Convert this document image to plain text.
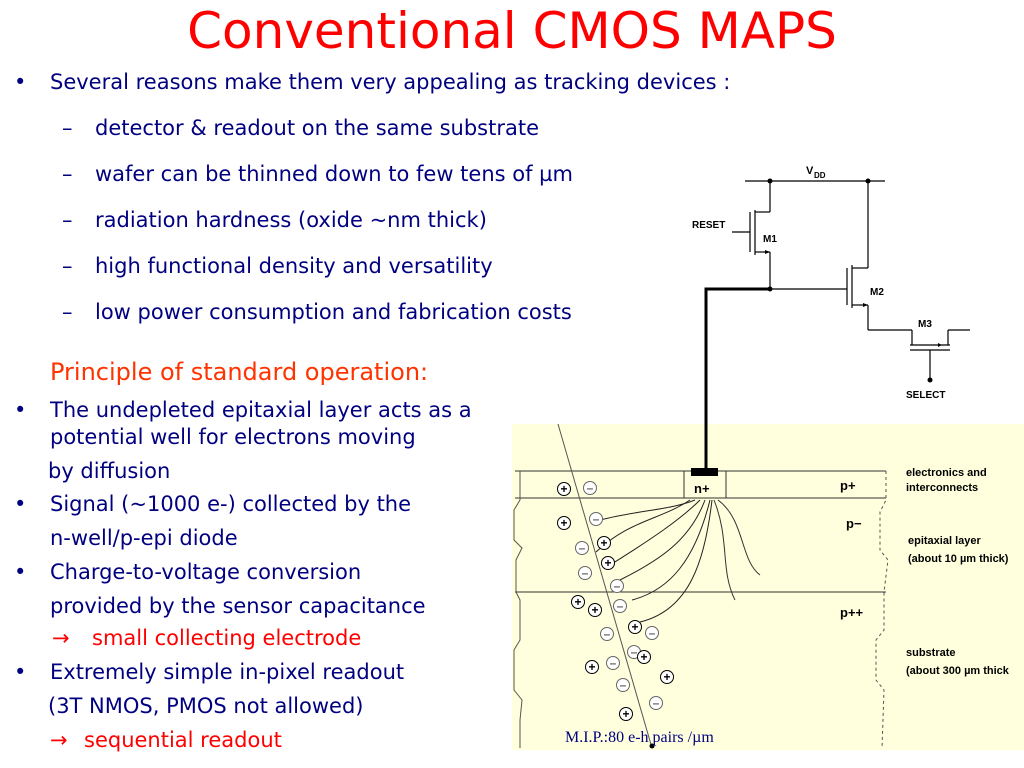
Conventional CMOS MAPS
• Several reasons make them very appealing as tracking devices :
– detector & readout on the same substrate
– wafer can be thinned down to few tens of µm
– radiation hardness (oxide ~nm thick)
– high functional density and versatility
– low power consumption and fabrication costs
Principle of standard operation:
• The undepleted epitaxial layer acts as a
potential well for electrons moving
by diffusion
• Signal (~1000 e-) collected by the
n-well/p-epi diode
• Charge-to-voltage conversion
provided by the sensor capacitance
→ small collecting electrode
• Extremely simple in-pixel readout
(3T NMOS, PMOS not allowed)
→ sequential readout
+ –
+ –
– +
+
–
–
+
+ –
+
–	–
–
+
– +
+
–
–
+
n+	p+
p−
p++
electronics and
interconnects
epitaxial layer
(about 10 µm thick)
substrate
(about 300 µm thick
M.I.P.:80 e-h pairs /µm
V DD
RESET
M1
M2
M3
SELECT
